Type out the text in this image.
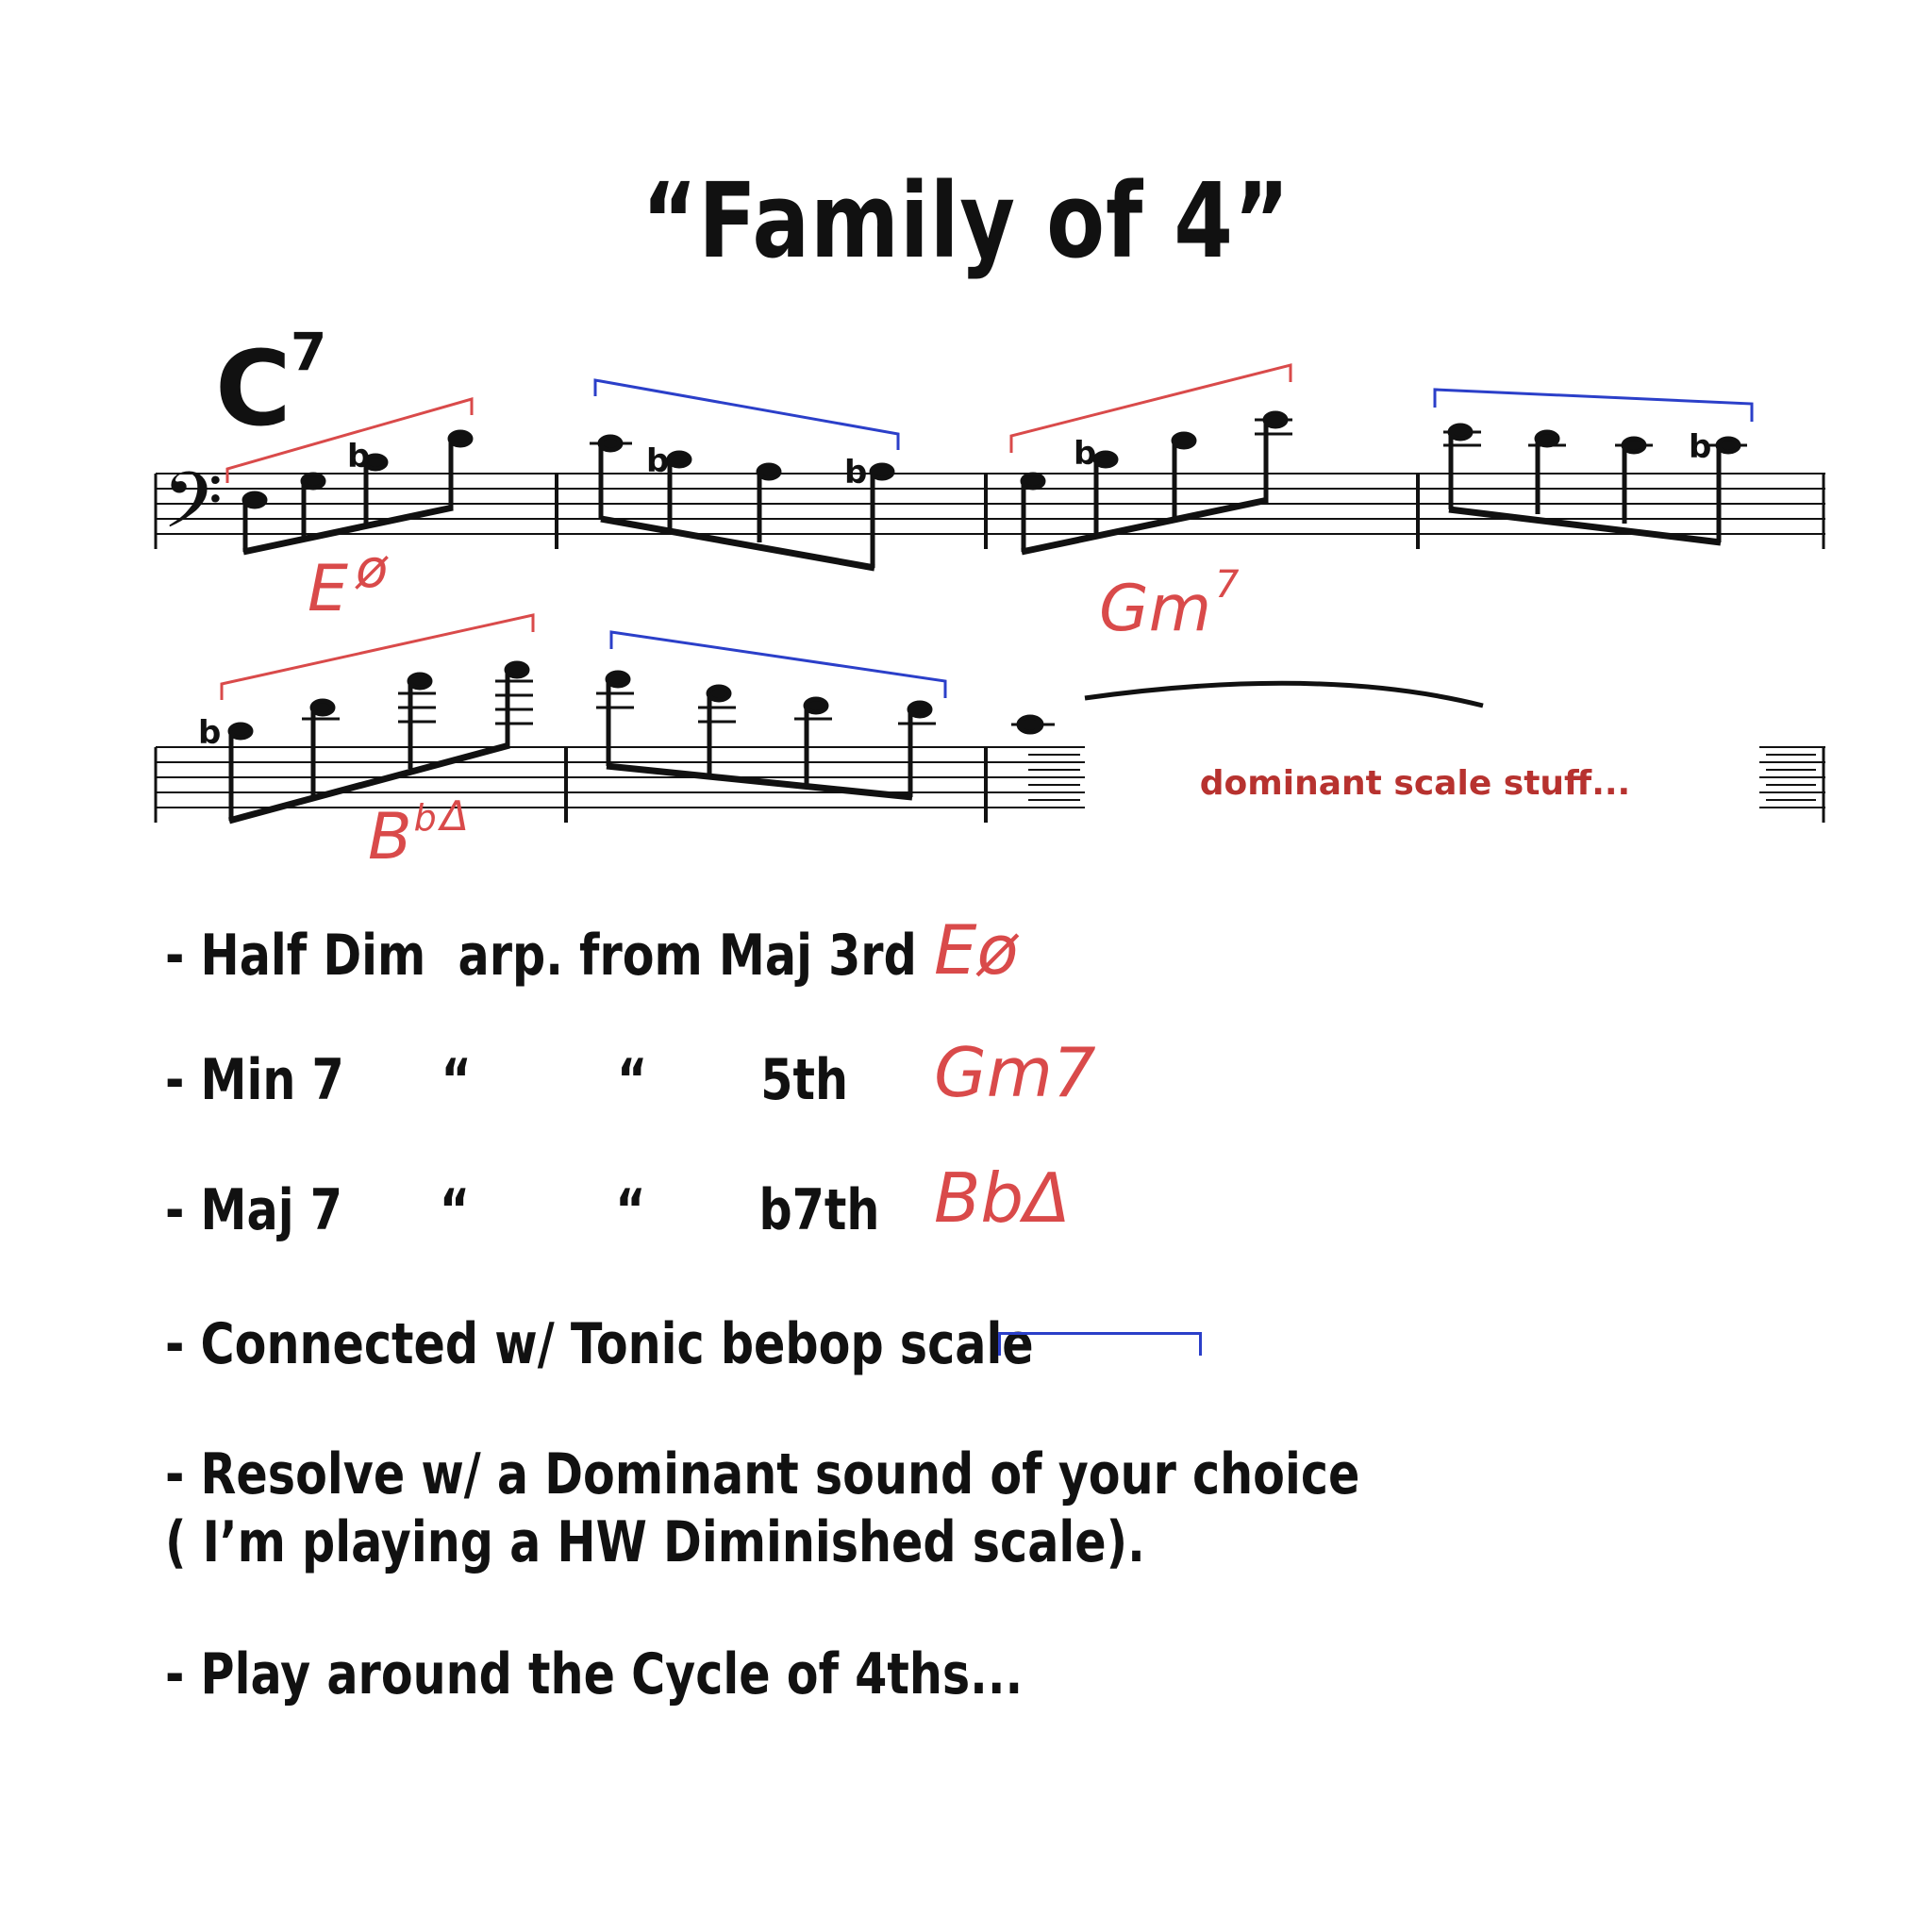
“Family of 4”
C 7
𝄢	b	b	b	b	b
E $^ø$
Gm $^7$
b
dominant scale stuff...
$B^b\Delta$
- Half Dim  arp. from Maj 3rd Eø
- Min 7      “         “       5th Gm7
- Maj 7      “         “       b7th BbΔ
- Connected w/ Tonic bebop scale
- Resolve w/ a Dominant sound of your choice
( I’m playing a HW Diminished scale).
- Play around the Cycle of 4ths...
